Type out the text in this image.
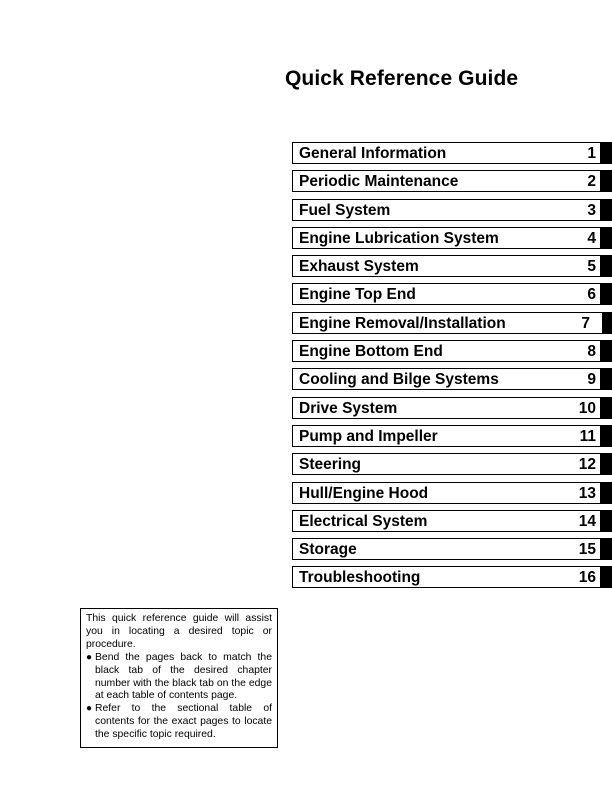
Quick Reference Guide
General Information	1
Periodic Maintenance	2
Fuel System	3
Engine Lubrication System	4
Exhaust System	5
Engine Top End	6
Engine Removal/Installation	7
Engine Bottom End	8
Cooling and Bilge Systems	9
Drive System	10
Pump and Impeller	11
Steering	12
Hull/Engine Hood	13
Electrical System	14
Storage	15
Troubleshooting	16

This quick reference guide will assist you in locating a desired topic or procedure.

● Bend the pages back to match the black tab of the desired chapter number with the black tab on the edge at each table of contents page.
● Refer to the sectional table of contents for the exact pages to locate the specific topic required.
